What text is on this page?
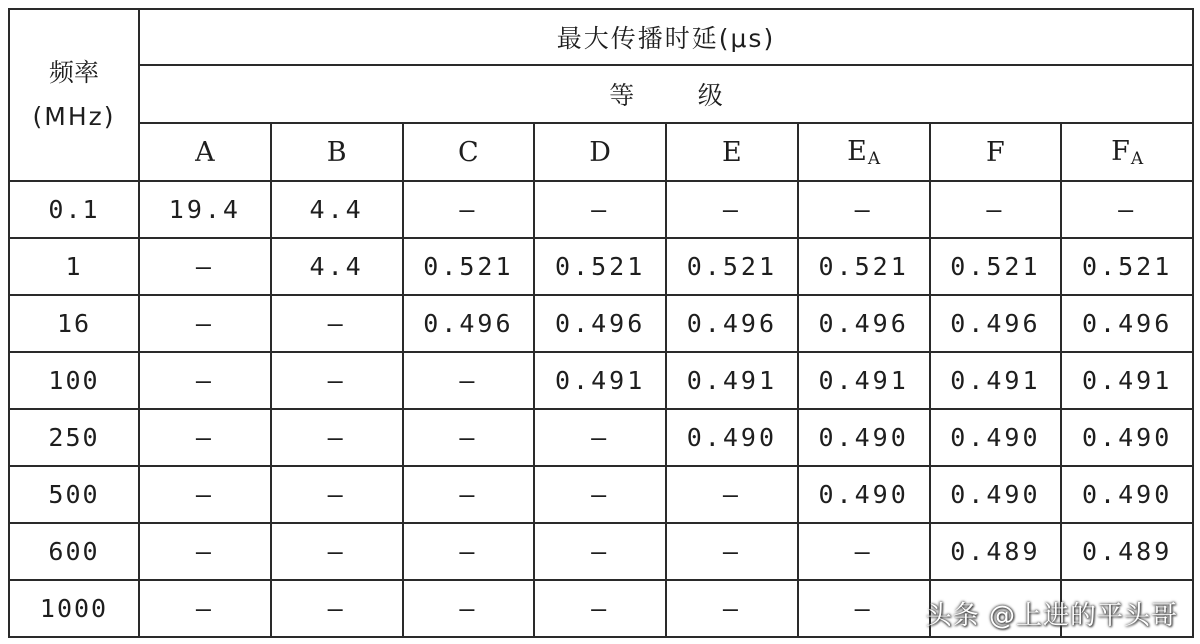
频率
(MHz)	最大传播时延(μs)							
	等        级							
	A	B	C	D	E	$E_A$	F	$F_A$
0.1	19.4	4.4	—	—	—	—	—	—
1	—	4.4	0.521	0.521	0.521	0.521	0.521	0.521
16	—	—	0.496	0.496	0.496	0.496	0.496	0.496
100	—	—	—	0.491	0.491	0.491	0.491	0.491
250	—	—	—	—	0.490	0.490	0.490	0.490
500	—	—	—	—	—	0.490	0.490	0.490
600	—	—	—	—	—	—	0.489	0.489
1000	—	—	—	—	—	—		头条 @上进的平头哥
